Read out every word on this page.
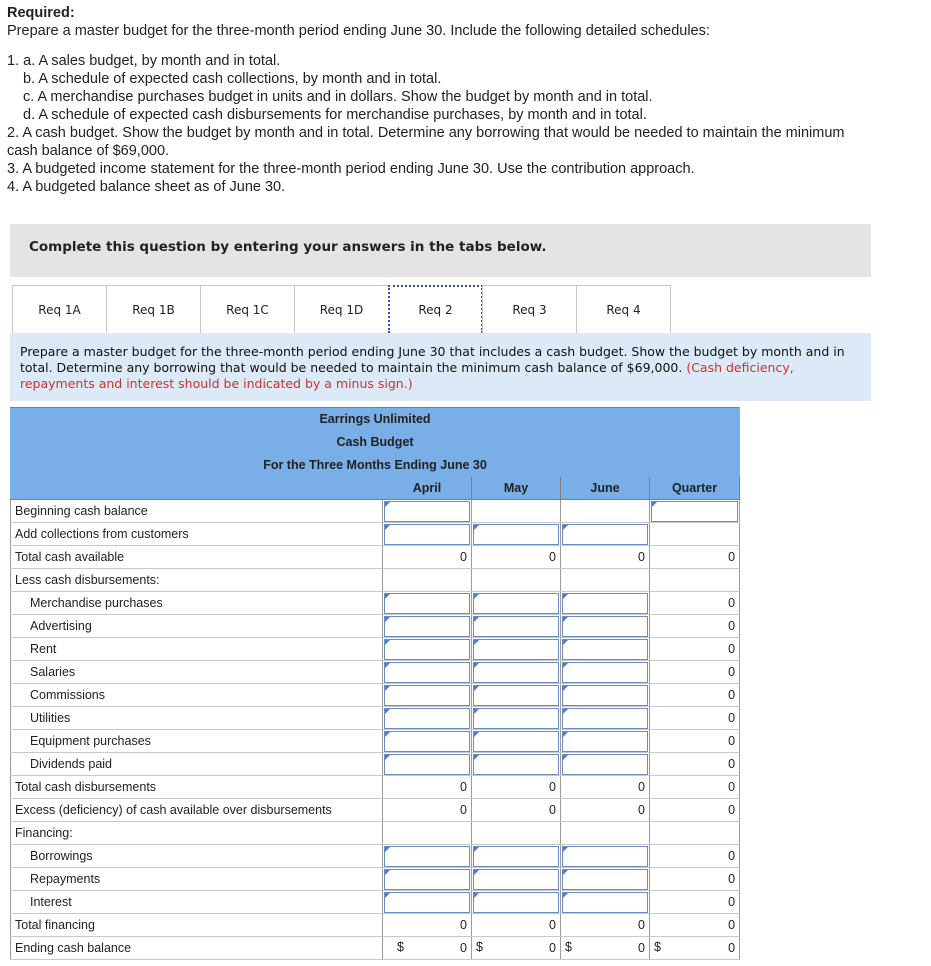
Required:
Prepare a master budget for the three-month period ending June 30. Include the following detailed schedules:
1. a. A sales budget, by month and in total.
b. A schedule of expected cash collections, by month and in total.
c. A merchandise purchases budget in units and in dollars. Show the budget by month and in total.
d. A schedule of expected cash disbursements for merchandise purchases, by month and in total.
2. A cash budget. Show the budget by month and in total. Determine any borrowing that would be needed to maintain the minimum
cash balance of $69,000.
3. A budgeted income statement for the three-month period ending June 30. Use the contribution approach.
4. A budgeted balance sheet as of June 30.
Complete this question by entering your answers in the tabs below.
Req 1A	Req 1B	Req 1C	Req 1D	Req 2	Req 3	Req 4
Prepare a master budget for the three-month period ending June 30 that includes a cash budget. Show the budget by month and in total. Determine any borrowing that would be needed to maintain the minimum cash balance of $69,000. (Cash deficiency, repayments and interest should be indicated by a minus sign.)
Earrings Unlimited				
Cash Budget				
For the Three Months Ending June 30				
	April	May	June	Quarter
Beginning cash balance	

Add collections from customers	

Total cash available	0	0	0	0
Less cash disbursements:				
Merchandise purchases				0
Advertising				0
Rent				0
Salaries				0
Commissions				0
Utilities				0
Equipment purchases				0
Dividends paid				0
Total cash disbursements	0	0	0	0
Excess (deficiency) of cash available over disbursements	0	0	0	0
Financing:				
Borrowings				0
Repayments				0
Interest				0
Total financing	0	0	0	0
Ending cash balance	$ 0	$ 0	$ 0	$ 0
